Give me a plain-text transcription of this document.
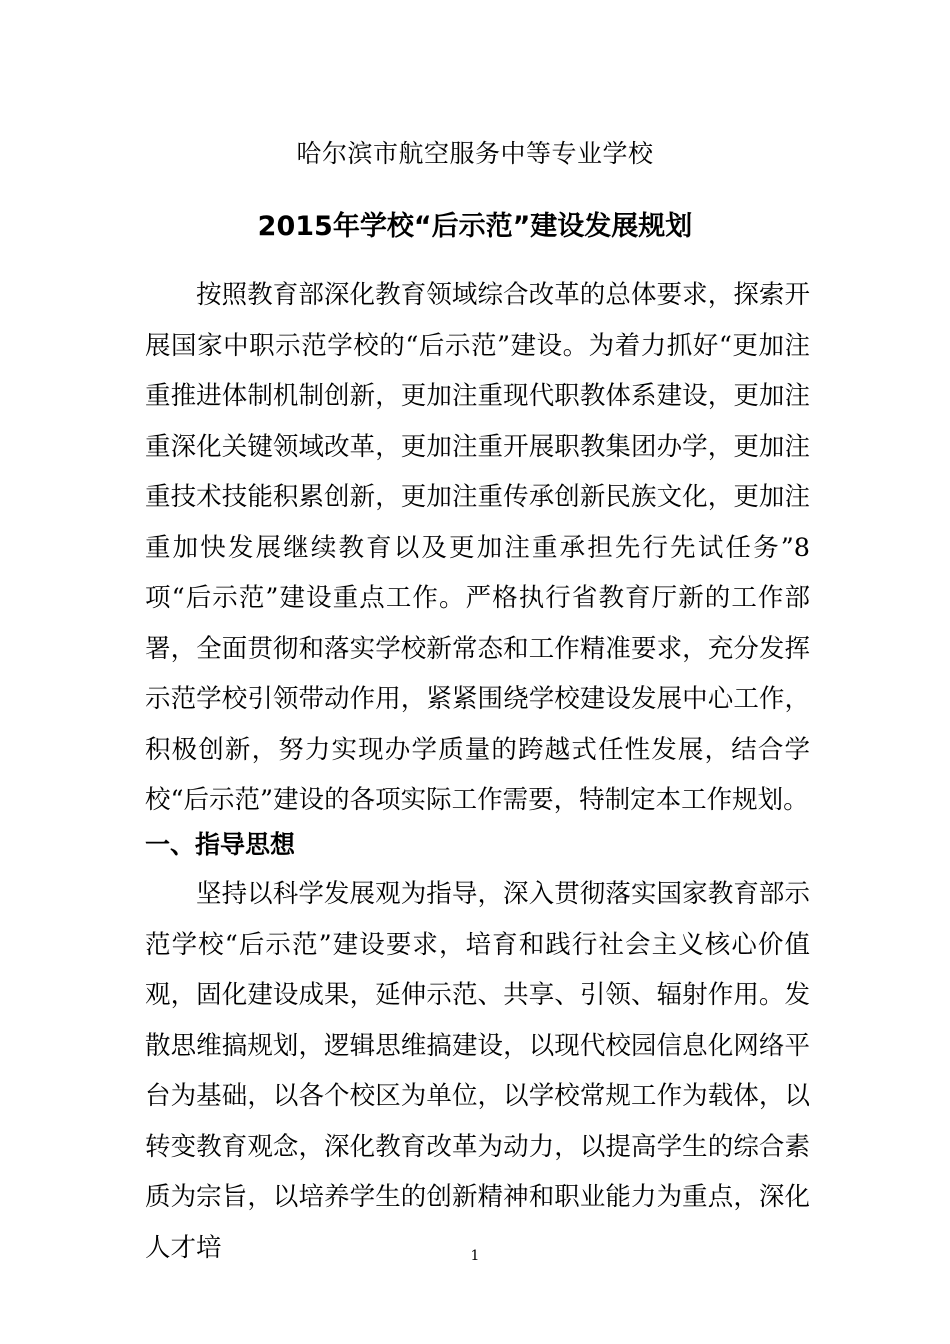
哈尔滨市航空服务中等专业学校
2015年学校“后示范”建设发展规划
按照教育部深化教育领域综合改革的总体要求，探索开展国家中职示范学校的“后示范”建设。为着力抓好“更加注重推进体制机制创新，更加注重现代职教体系建设，更加注重深化关键领域改革，更加注重开展职教集团办学，更加注重技术技能积累创新，更加注重传承创新民族文化，更加注重加快发展继续教育以及更加注重承担先行先试任务”8项“后示范”建设重点工作。严格执行省教育厅新的工作部署，全面贯彻和落实学校新常态和工作精准要求，充分发挥示范学校引领带动作用，紧紧围绕学校建设发展中心工作，积极创新，努力实现办学质量的跨越式任性发展，结合学校“后示范”建设的各项实际工作需要，特制定本工作规划。
一、指导思想
坚持以科学发展观为指导，深入贯彻落实国家教育部示范学校“后示范”建设要求，培育和践行社会主义核心价值观，固化建设成果，延伸示范、共享、引领、辐射作用。发散思维搞规划，逻辑思维搞建设，以现代校园信息化网络平台为基础，以各个校区为单位，以学校常规工作为载体，以转变教育观念，深化教育改革为动力，以提高学生的综合素质为宗旨，以培养学生的创新精神和职业能力为重点，深化人才培	1
